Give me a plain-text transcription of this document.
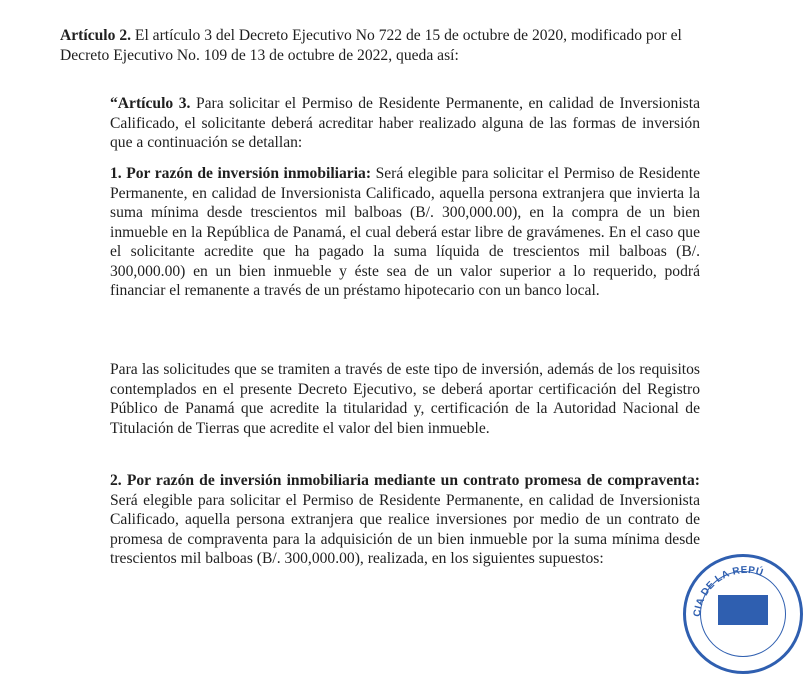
Artículo 2. El artículo 3 del Decreto Ejecutivo No 722 de 15 de octubre de 2020, modificado por el Decreto Ejecutivo No. 109 de 13 de octubre de 2022, queda así:

“Artículo 3. Para solicitar el Permiso de Residente Permanente, en calidad de Inversionista Calificado, el solicitante deberá acreditar haber realizado alguna de las formas de inversión que a continuación se detallan:

1. Por razón de inversión inmobiliaria: Será elegible para solicitar el Permiso de Residente Permanente, en calidad de Inversionista Calificado, aquella persona extranjera que invierta la suma mínima desde trescientos mil balboas (B/. 300,000.00), en la compra de un bien inmueble en la República de Panamá, el cual deberá estar libre de gravámenes. En el caso que el solicitante acredite que ha pagado la suma líquida de trescientos mil balboas (B/. 300,000.00) en un bien inmueble y éste sea de un valor superior a lo requerido, podrá financiar el remanente a través de un préstamo hipotecario con un banco local.

Para las solicitudes que se tramiten a través de este tipo de inversión, además de los requisitos contemplados en el presente Decreto Ejecutivo, se deberá aportar certificación del Registro Público de Panamá que acredite la titularidad y, certificación de la Autoridad Nacional de Titulación de Tierras que acredite el valor del bien inmueble.

2. Por razón de inversión inmobiliaria mediante un contrato promesa de compraventa: Será elegible para solicitar el Permiso de Residente Permanente, en calidad de Inversionista Calificado, aquella persona extranjera que realice inversiones por medio de un contrato de promesa de compraventa para la adquisición de un bien inmueble por la suma mínima desde trescientos mil balboas (B/. 300,000.00), realizada, en los siguientes supuestos:

CIA DE LA REPÚ
